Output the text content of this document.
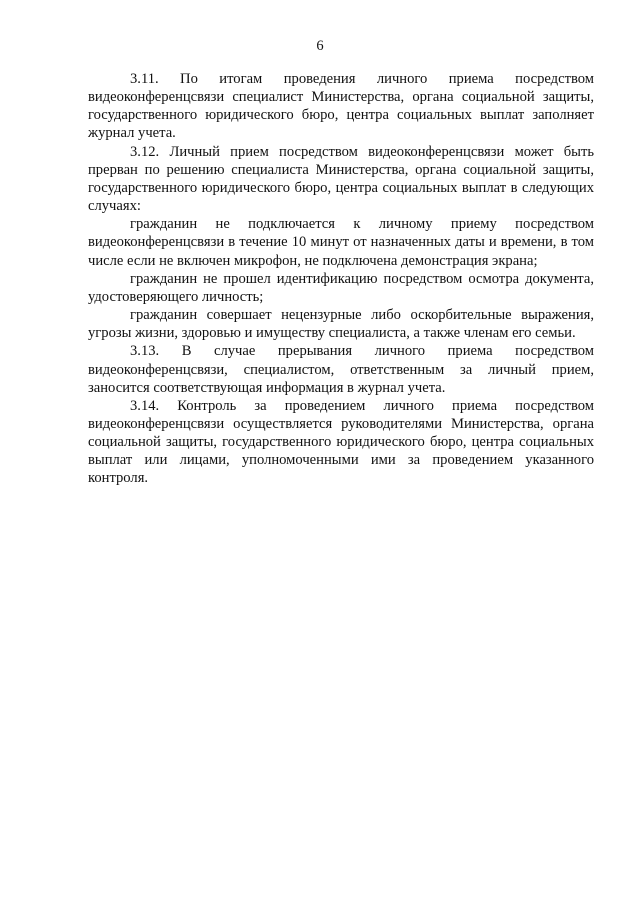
6

3.11. По итогам проведения личного приема посредством видеоконференцсвязи специалист Министерства, органа социальной защиты, государственного юридического бюро, центра социальных выплат заполняет журнал учета.

3.12. Личный прием посредством видеоконференцсвязи может быть прерван по решению специалиста Министерства, органа социальной защиты, государственного юридического бюро, центра социальных выплат в следующих случаях:

гражданин не подключается к личному приему посредством видеоконференцсвязи в течение 10 минут от назначенных даты и времени, в том числе если не включен микрофон, не подключена демонстрация экрана;

гражданин не прошел идентификацию посредством осмотра документа, удостоверяющего личность;

гражданин совершает нецензурные либо оскорбительные выражения, угрозы жизни, здоровью и имуществу специалиста, а также членам его семьи.

3.13. В случае прерывания личного приема посредством видеоконференцсвязи, специалистом, ответственным за личный прием, заносится соответствующая информация в журнал учета.

3.14. Контроль за проведением личного приема посредством видеоконференцсвязи осуществляется руководителями Министерства, органа социальной защиты, государственного юридического бюро, центра социальных выплат или лицами, уполномоченными ими за проведением указанного контроля.
